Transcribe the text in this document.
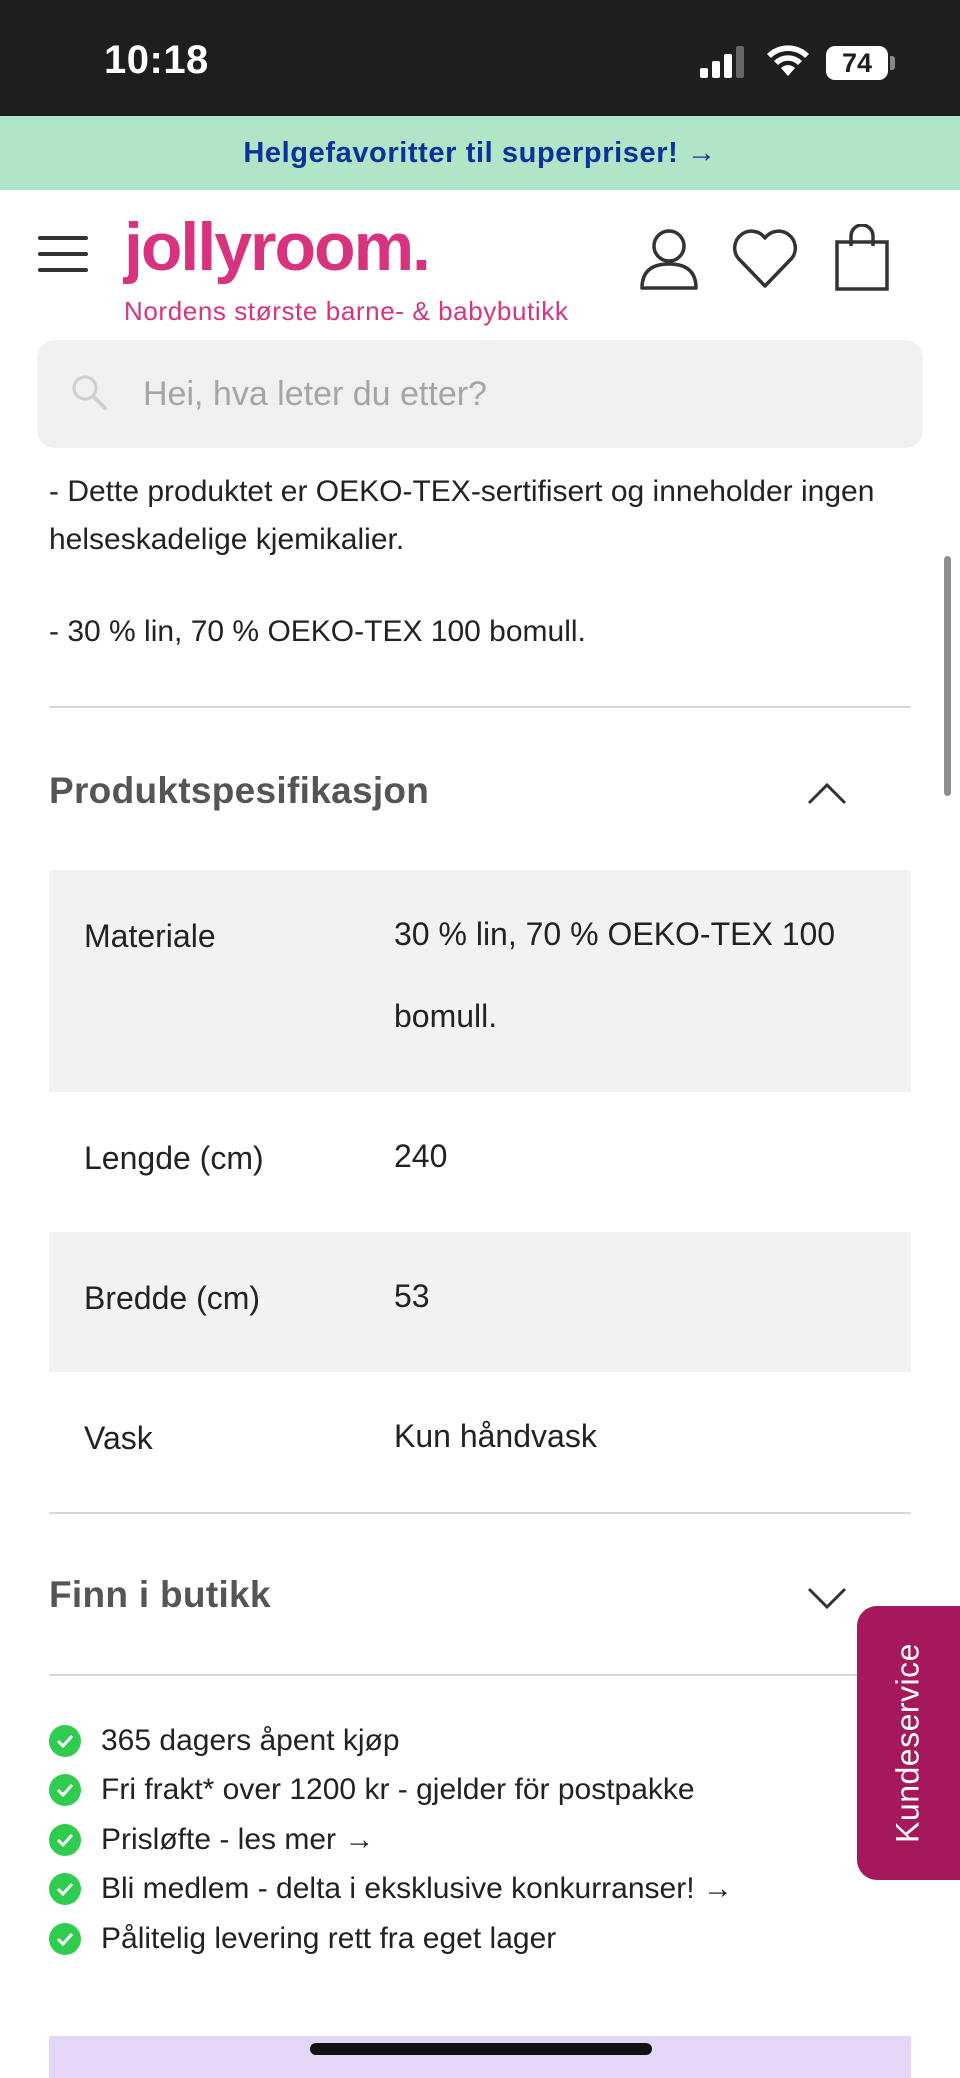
10:18	74
Helgefavoritter til superpriser! →
jollyroom.
Nordens største barne- & babybutikk
Hei, hva leter du etter?
- Dette produktet er OEKO-TEX-sertifisert og inneholder ingen helseskadelige kjemikalier.
- 30 % lin, 70 % OEKO-TEX 100 bomull.
Produktspesifikasjon
Materiale	30 % lin, 70 % OEKO-TEX 100 bomull.
Lengde (cm)	240
Bredde (cm)	53
Vask	Kun håndvask
Finn i butikk
365 dagers åpent kjøp
Fri frakt* over 1200 kr - gjelder för postpakke
Prisløfte - les mer →
Bli medlem - delta i eksklusive konkurranser! →
Pålitelig levering rett fra eget lager
Kundeservice
